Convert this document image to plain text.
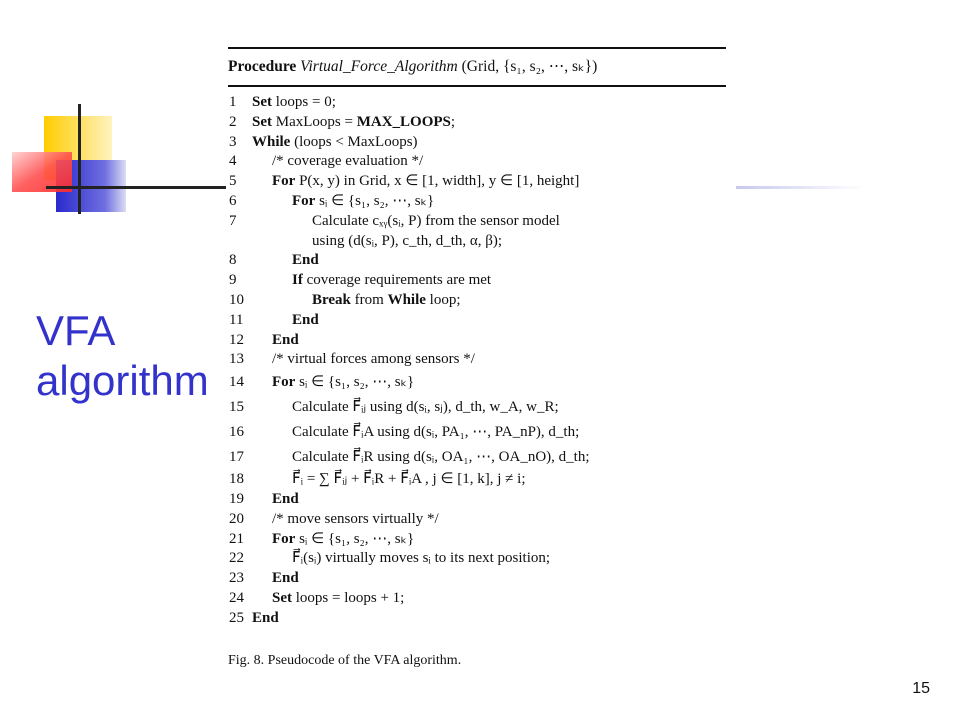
VFA
algorithm
Procedure Virtual_Force_Algorithm (Grid, {s₁, s₂, ⋯, sₖ})
1 Set loops = 0;
2 Set MaxLoops = MAX_LOOPS;
3 While (loops < MaxLoops)
4 /* coverage evaluation */
5 For P(x, y) in Grid, x ∈ [1, width], y ∈ [1, height]
6	For sᵢ ∈ {s₁, s₂, ⋯, sₖ}
7	Calculate cₓᵧ(sᵢ, P) from the sensor model
using (d(sᵢ, P), c_th, d_th, α, β);
8	End
9	If coverage requirements are met
10	Break from While loop;
11	End
12 End
13 /* virtual forces among sensors */
14 For sᵢ ∈ {s₁, s₂, ⋯, sₖ}
15	Calculate F⃗ᵢⱼ using d(sᵢ, sⱼ), d_th, w_A, w_R;
16	Calculate F⃗ᵢA using d(sᵢ, PA₁, ⋯, PA_nP), d_th;
17	Calculate F⃗ᵢR using d(sᵢ, OA₁, ⋯, OA_nO), d_th;
18	F⃗ᵢ = ∑ F⃗ᵢⱼ + F⃗ᵢR + F⃗ᵢA , j ∈ [1, k], j ≠ i;
19 End
20 /* move sensors virtually */
21 For sᵢ ∈ {s₁, s₂, ⋯, sₖ}
22	F⃗ᵢ(sᵢ) virtually moves sᵢ to its next position;
23 End
24 Set loops = loops + 1;
25 End
Fig. 8. Pseudocode of the VFA algorithm.
15
